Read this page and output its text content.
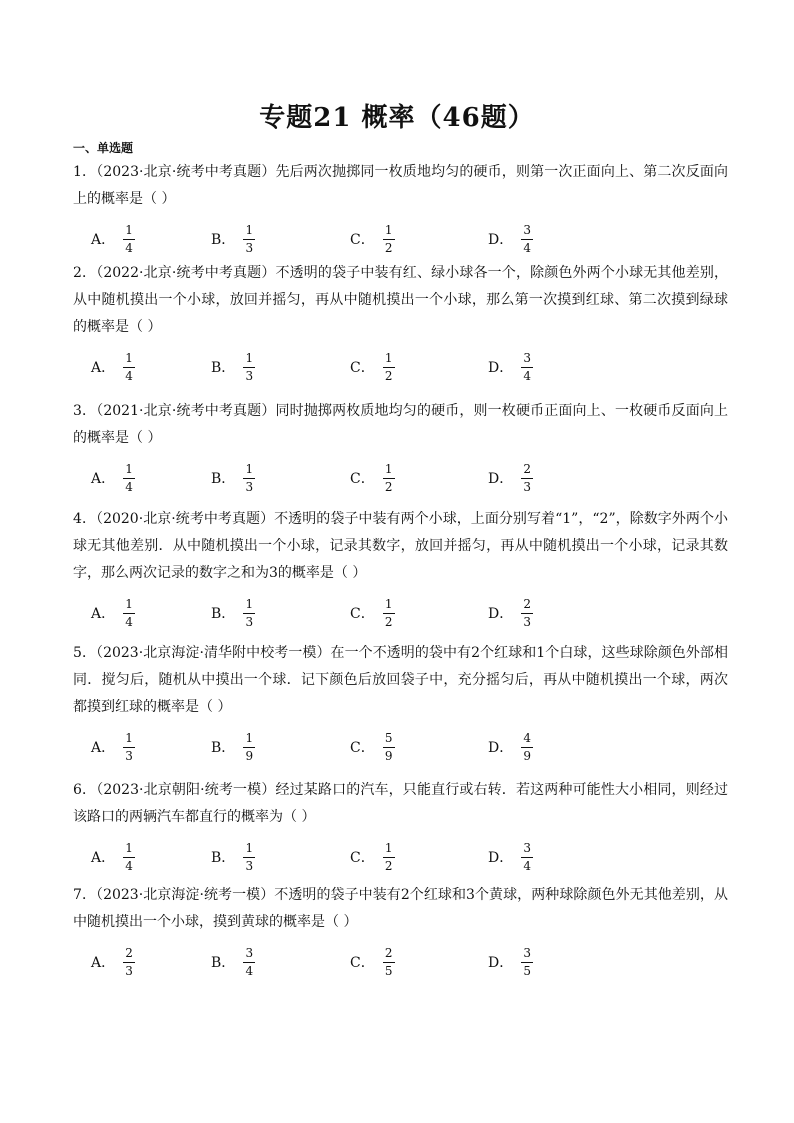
专题21 概率（46题）
一、单选题

1．（2023·北京·统考中考真题）先后两次抛掷同一枚质地均匀的硬币，则第一次正面向上、第二次反面向上的概率是（ ）

A． $\frac{1}{4}$	B． $\frac{1}{3}$	C． $\frac{1}{2}$	D． $\frac{3}{4}$

2．（2022·北京·统考中考真题）不透明的袋子中装有红、绿小球各一个，除颜色外两个小球无其他差别，从中随机摸出一个小球，放回并摇匀，再从中随机摸出一个小球，那么第一次摸到红球、第二次摸到绿球的概率是（ ）

A． $\frac{1}{4}$	B． $\frac{1}{3}$	C． $\frac{1}{2}$	D． $\frac{3}{4}$

3．（2021·北京·统考中考真题）同时抛掷两枚质地均匀的硬币，则一枚硬币正面向上、一枚硬币反面向上的概率是（ ）

A． $\frac{1}{4}$	B． $\frac{1}{3}$	C． $\frac{1}{2}$	D． $\frac{2}{3}$

4．（2020·北京·统考中考真题）不透明的袋子中装有两个小球，上面分别写着“1”，“2”，除数字外两个小球无其他差别．从中随机摸出一个小球，记录其数字，放回并摇匀，再从中随机摸出一个小球，记录其数字，那么两次记录的数字之和为3的概率是（ ）

A． $\frac{1}{4}$	B． $\frac{1}{3}$	C． $\frac{1}{2}$	D． $\frac{2}{3}$

5．（2023·北京海淀·清华附中校考一模）在一个不透明的袋中有2个红球和1个白球，这些球除颜色外部相同．搅匀后，随机从中摸出一个球．记下颜色后放回袋子中，充分摇匀后，再从中随机摸出一个球，两次都摸到红球的概率是（ ）

A． $\frac{1}{3}$	B． $\frac{1}{9}$	C． $\frac{5}{9}$	D． $\frac{4}{9}$

6．（2023·北京朝阳·统考一模）经过某路口的汽车，只能直行或右转．若这两种可能性大小相同，则经过该路口的两辆汽车都直行的概率为（ ）

A． $\frac{1}{4}$	B． $\frac{1}{3}$	C． $\frac{1}{2}$	D． $\frac{3}{4}$

7．（2023·北京海淀·统考一模）不透明的袋子中装有2个红球和3个黄球，两种球除颜色外无其他差别，从中随机摸出一个小球，摸到黄球的概率是（ ）

A． $\frac{2}{3}$	B． $\frac{3}{4}$	C． $\frac{2}{5}$	D． $\frac{3}{5}$
